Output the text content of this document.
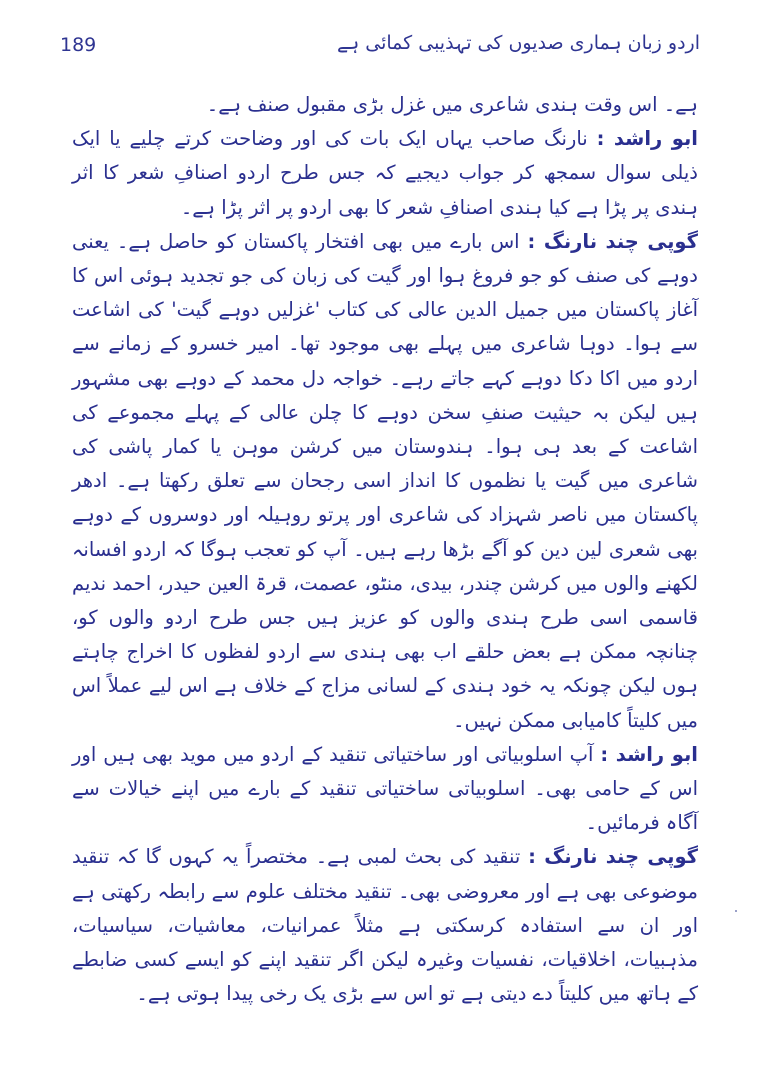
189	اردو زبان ہماری صدیوں کی تہذیبی کمائی ہے

ہے۔ اس وقت ہندی شاعری میں غزل بڑی مقبول صنف ہے۔

ابو راشد : نارنگ صاحب یہاں ایک بات کی اور وضاحت کرتے چلیے یا ایک ذیلی سوال سمجھ کر جواب دیجیے کہ جس طرح اردو اصنافِ شعر کا اثر ہندی پر پڑا ہے کیا ہندی اصنافِ شعر کا بھی اردو پر اثر پڑا ہے۔

گوپی چند نارنگ : اس بارے میں بھی افتخار پاکستان کو حاصل ہے۔ یعنی دوہے کی صنف کو جو فروغ ہوا اور گیت کی زبان کی جو تجدید ہوئی اس کا آغاز پاکستان میں جمیل الدین عالی کی کتاب 'غزلیں دوہے گیت' کی اشاعت سے ہوا۔ دوہا شاعری میں پہلے بھی موجود تھا۔ امیر خسرو کے زمانے سے اردو میں اکا دکا دوہے کہے جاتے رہے۔ خواجہ دل محمد کے دوہے بھی مشہور ہیں لیکن بہ حیثیت صنفِ سخن دوہے کا چلن عالی کے پہلے مجموعے کی اشاعت کے بعد ہی ہوا۔ ہندوستان میں کرشن موہن یا کمار پاشی کی شاعری میں گیت یا نظموں کا انداز اسی رجحان سے تعلق رکھتا ہے۔ ادھر پاکستان میں ناصر شہزاد کی شاعری اور پرتو روہیلہ اور دوسروں کے دوہے بھی شعری لین دین کو آگے بڑھا رہے ہیں۔ آپ کو تعجب ہوگا کہ اردو افسانہ لکھنے والوں میں کرشن چندر، بیدی، منٹو، عصمت، قرۃ العین حیدر، احمد ندیم قاسمی اسی طرح ہندی والوں کو عزیز ہیں جس طرح اردو والوں کو، چنانچہ ممکن ہے بعض حلقے اب بھی ہندی سے اردو لفظوں کا اخراج چاہتے ہوں لیکن چونکہ یہ خود ہندی کے لسانی مزاج کے خلاف ہے اس لیے عملاً اس میں کلیتاً کامیابی ممکن نہیں۔

ابو راشد : آپ اسلوبیاتی اور ساختیاتی تنقید کے اردو میں موید بھی ہیں اور اس کے حامی بھی۔ اسلوبیاتی ساختیاتی تنقید کے بارے میں اپنے خیالات سے آگاہ فرمائیں۔

گوپی چند نارنگ : تنقید کی بحث لمبی ہے۔ مختصراً یہ کہوں گا کہ تنقید موضوعی بھی ہے اور معروضی بھی۔ تنقید مختلف علوم سے رابطہ رکھتی ہے اور ان سے استفادہ کرسکتی ہے مثلاً عمرانیات، معاشیات، سیاسیات، مذہبیات، اخلاقیات، نفسیات وغیرہ لیکن اگر تنقید اپنے کو ایسے کسی ضابطے کے ہاتھ میں کلیتاً دے دیتی ہے تو اس سے بڑی یک رخی پیدا ہوتی ہے۔
